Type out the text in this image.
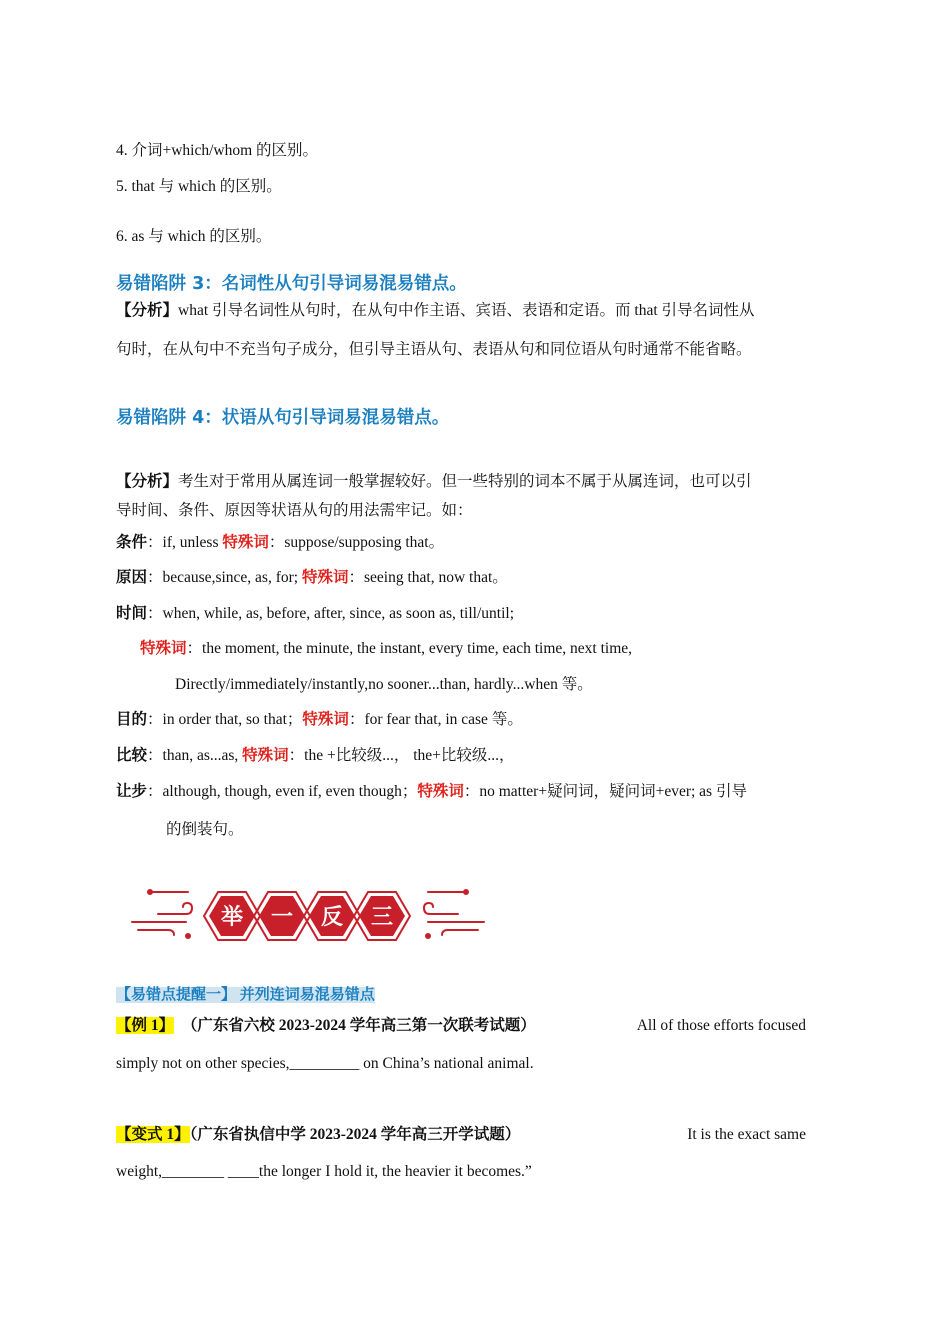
4. 介词+which/whom 的区别。
5. that 与 which 的区别。
6. as 与 which 的区别。
易错陷阱 3：名词性从句引导词易混易错点。
【分析】what 引导名词性从句时，在从句中作主语、宾语、表语和定语。而 that 引导名词性从
句时，在从句中不充当句子成分，但引导主语从句、表语从句和同位语从句时通常不能省略。
易错陷阱 4：状语从句引导词易混易错点。
【分析】考生对于常用从属连词一般掌握较好。但一些特别的词本不属于从属连词，也可以引
导时间、条件、原因等状语从句的用法需牢记。如：
条件：if, unless 特殊词：suppose/supposing that。
原因：because,since, as, for; 特殊词：seeing that, now that。
时间：when, while, as, before, after, since, as soon as, till/until;
特殊词：the moment, the minute, the instant, every time, each time, next time,
Directly/immediately/instantly,no sooner...than, hardly...when 等。
目的：in order that, so that；特殊词：for fear that, in case 等。
比较：than, as...as, 特殊词：the +比较级...， the+比较级...，
让步：although, though, even if, even though；特殊词：no matter+疑问词，疑问词+ever; as 引导
的倒装句。
举 一 反 三
【易错点提醒一】 并列连词易混易错点
【例 1】 （广东省六校 2023-2024 学年高三第一次联考试题）	All of those efforts focused
simply not on other species,_________ on China’s national animal.
【变式 1】（广东省执信中学 2023-2024 学年高三开学试题）	It is the exact same
weight,________ ____the longer I hold it, the heavier it becomes.”
